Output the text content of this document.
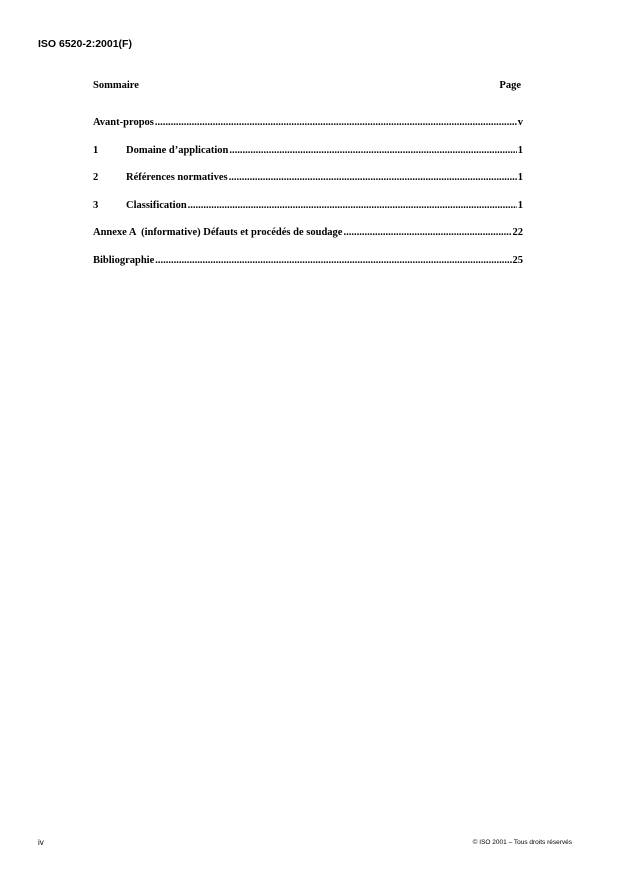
ISO 6520-2:2001(F)
Sommaire	Page
Avant-propos .....	v
1	Domaine d’application .....	1
2	Références normatives .....	1
3	Classification .....	1
Annexe A  (informative) Défauts et procédés de soudage .....	22
Bibliographie .....	25
iv	© ISO 2001 – Tous droits réservés
